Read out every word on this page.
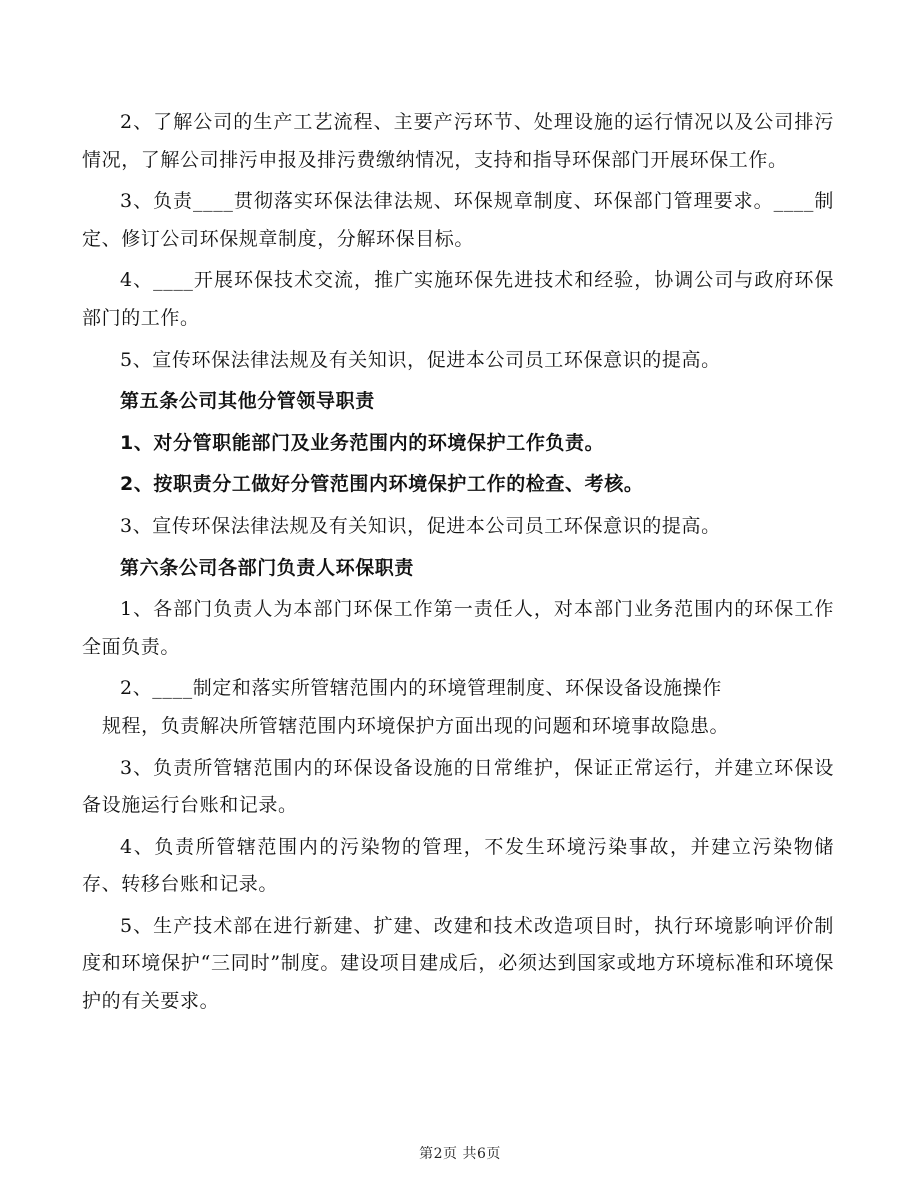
2、了解公司的生产工艺流程、主要产污环节、处理设施的运行情况以及公司排污情况，了解公司排污申报及排污费缴纳情况，支持和指导环保部门开展环保工作。

3、负责____贯彻落实环保法律法规、环保规章制度、环保部门管理要求。____制定、修订公司环保规章制度，分解环保目标。

4、____开展环保技术交流，推广实施环保先进技术和经验，协调公司与政府环保部门的工作。

5、宣传环保法律法规及有关知识，促进本公司员工环保意识的提高。

第五条公司其他分管领导职责

1、对分管职能部门及业务范围内的环境保护工作负责。

2、按职责分工做好分管范围内环境保护工作的检查、考核。

3、宣传环保法律法规及有关知识，促进本公司员工环保意识的提高。

第六条公司各部门负责人环保职责

1、各部门负责人为本部门环保工作第一责任人，对本部门业务范围内的环保工作全面负责。

2、____制定和落实所管辖范围内的环境管理制度、环保设备设施操作

规程，负责解决所管辖范围内环境保护方面出现的问题和环境事故隐患。

3、负责所管辖范围内的环保设备设施的日常维护，保证正常运行，并建立环保设备设施运行台账和记录。

4、负责所管辖范围内的污染物的管理，不发生环境污染事故，并建立污染物储存、转移台账和记录。

5、生产技术部在进行新建、扩建、改建和技术改造项目时，执行环境影响评价制度和环境保护“三同时”制度。建设项目建成后，必须达到国家或地方环境标准和环境保护的有关要求。

第2页 共6页
